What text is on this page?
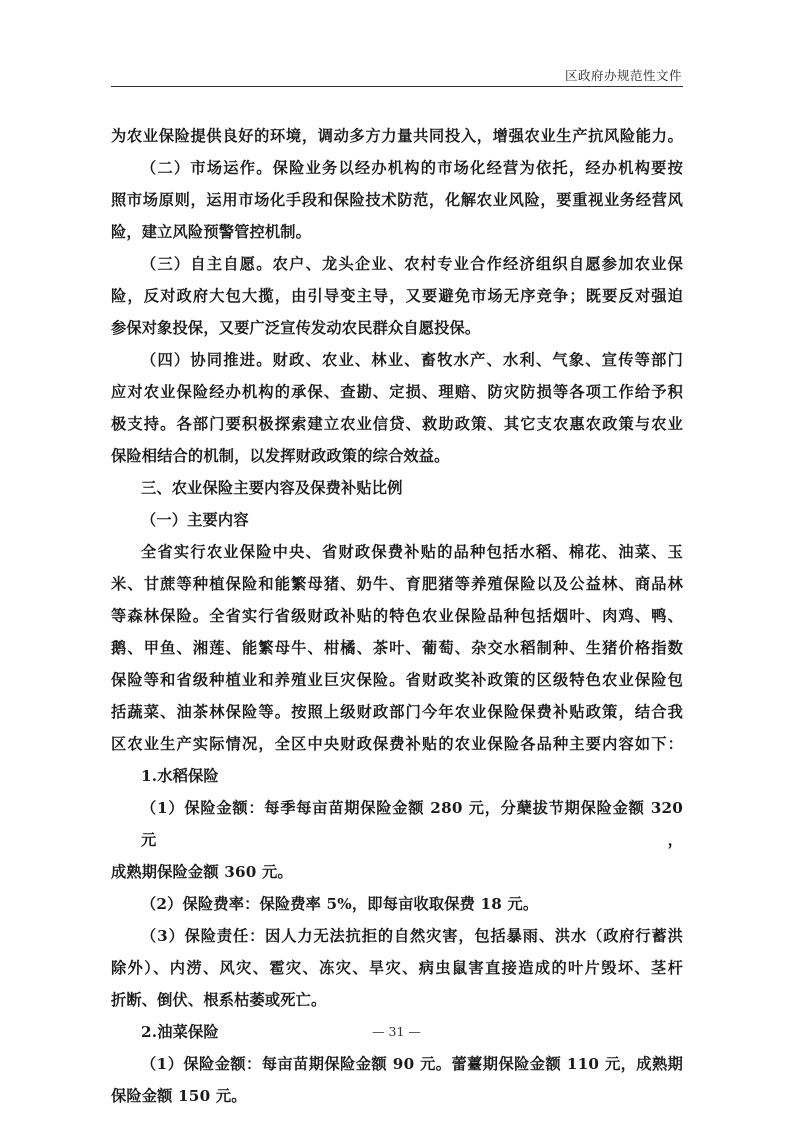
区政府办规范性文件
为农业保险提供良好的环境，调动多方力量共同投入，增强农业生产抗风险能力。
（二）市场运作。保险业务以经办机构的市场化经营为依托，经办机构要按
照市场原则，运用市场化手段和保险技术防范，化解农业风险，要重视业务经营风
险，建立风险预警管控机制。
（三）自主自愿。农户、龙头企业、农村专业合作经济组织自愿参加农业保
险，反对政府大包大揽，由引导变主导，又要避免市场无序竞争；既要反对强迫
参保对象投保，又要广泛宣传发动农民群众自愿投保。
（四）协同推进。财政、农业、林业、畜牧水产、水利、气象、宣传等部门
应对农业保险经办机构的承保、查勘、定损、理赔、防灾防损等各项工作给予积
极支持。各部门要积极探索建立农业信贷、救助政策、其它支农惠农政策与农业
保险相结合的机制，以发挥财政政策的综合效益。
三、农业保险主要内容及保费补贴比例
（一）主要内容
全省实行农业保险中央、省财政保费补贴的品种包括水稻、棉花、油菜、玉
米、甘蔗等种植保险和能繁母猪、奶牛、育肥猪等养殖保险以及公益林、商品林
等森林保险。全省实行省级财政补贴的特色农业保险品种包括烟叶、肉鸡、鸭、
鹅、甲鱼、湘莲、能繁母牛、柑橘、茶叶、葡萄、杂交水稻制种、生猪价格指数
保险等和省级种植业和养殖业巨灾保险。省财政奖补政策的区级特色农业保险包
括蔬菜、油茶林保险等。按照上级财政部门今年农业保险保费补贴政策，结合我
区农业生产实际情况，全区中央财政保费补贴的农业保险各品种主要内容如下：
1.水稻保险
（1）保险金额：每季每亩苗期保险金额 280 元，分蘖拔节期保险金额 320 元，
成熟期保险金额 360 元。
（2）保险费率：保险费率 5%，即每亩收取保费 18 元。
（3）保险责任：因人力无法抗拒的自然灾害，包括暴雨、洪水（政府行蓄洪
除外）、内涝、风灾、雹灾、冻灾、旱灾、病虫鼠害直接造成的叶片毁坏、茎杆
折断、倒伏、根系枯萎或死亡。
2.油菜保险
（1）保险金额：每亩苗期保险金额 90 元。蕾薹期保险金额 110 元，成熟期
保险金额 150 元。
— 31 —
